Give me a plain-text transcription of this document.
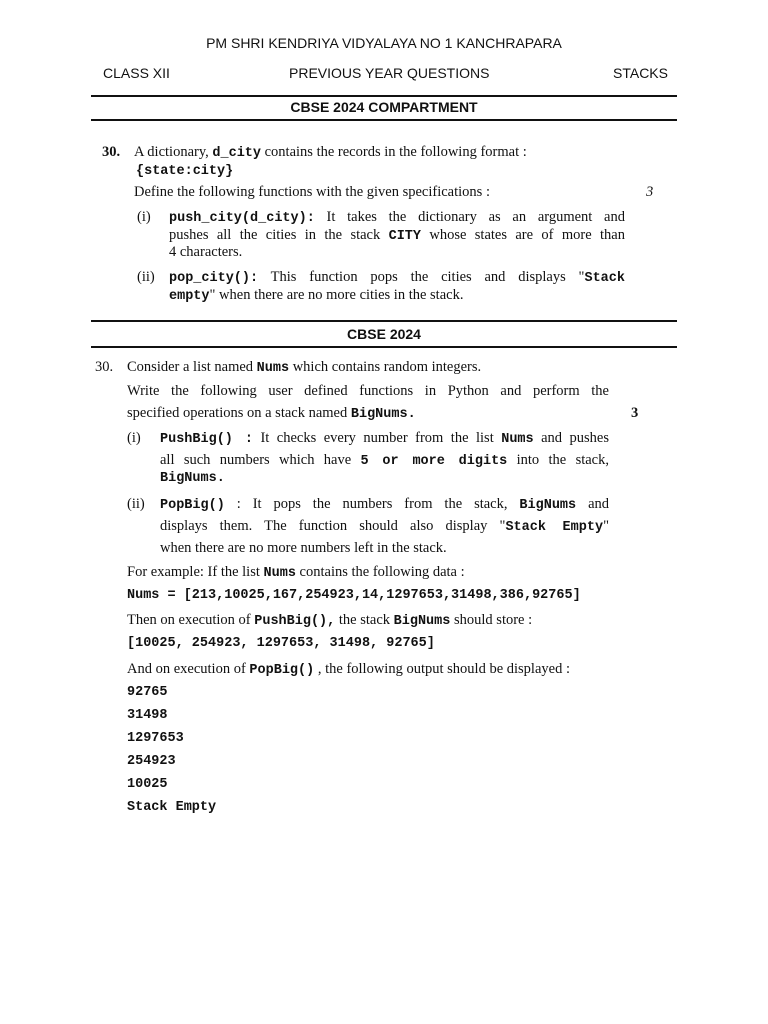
PM SHRI KENDRIYA VIDYALAYA NO 1 KANCHRAPARA
CLASS XII	PREVIOUS YEAR QUESTIONS	STACKS
CBSE 2024 COMPARTMENT
30. A dictionary, d_city contains the records in the following format :
{state:city}
Define the following functions with the given specifications :	3
(i) push_city(d_city): It takes the dictionary as an argument and
pushes all the cities in the stack CITY whose states are of more than
4 characters.
(ii) pop_city(): This function pops the cities and displays "Stack
empty" when there are no more cities in the stack.
CBSE 2024
30. Consider a list named Nums which contains random integers.
Write the following user defined functions in Python and perform the
specified operations on a stack named BigNums.	3
(i) PushBig() : It checks every number from the list Nums and pushes
all such numbers which have 5 or more digits into the stack,
BigNums.
(ii) PopBig() : It pops the numbers from the stack, BigNums and
displays them. The function should also display "Stack Empty"
when there are no more numbers left in the stack.
For example: If the list Nums contains the following data :
Nums = [213,10025,167,254923,14,1297653,31498,386,92765]
Then on execution of PushBig(), the stack BigNums should store :
[10025, 254923, 1297653, 31498, 92765]
And on execution of PopBig() , the following output should be displayed :
92765
31498
1297653
254923
10025
Stack Empty
